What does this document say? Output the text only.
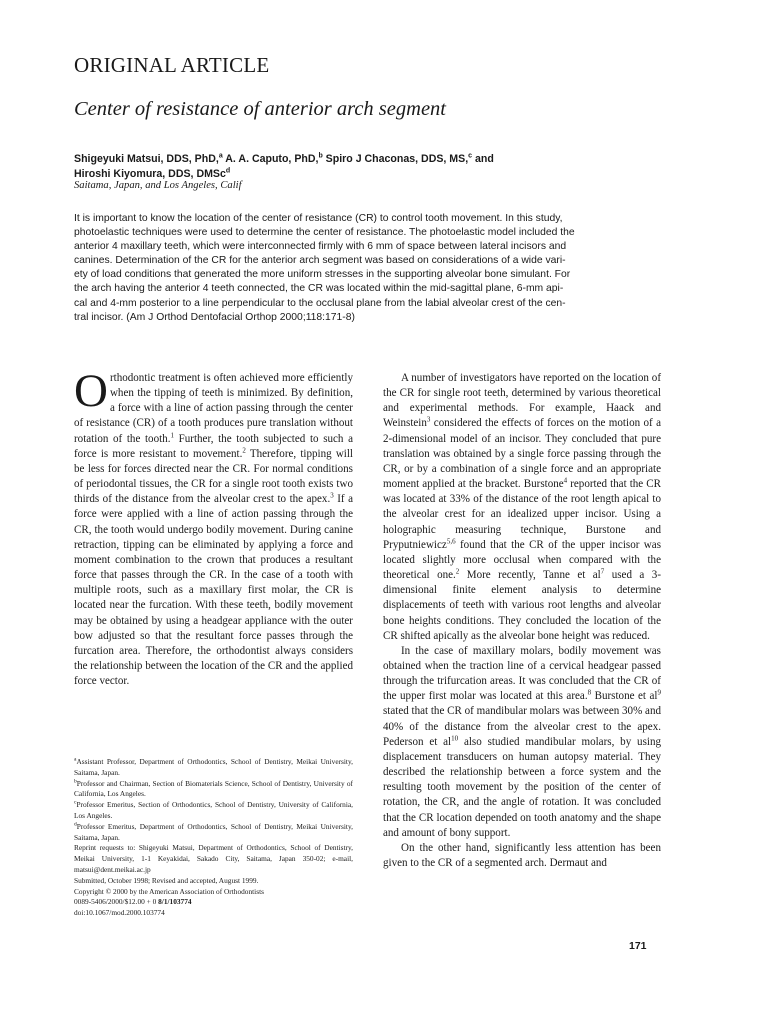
ORIGINAL ARTICLE
Center of resistance of anterior arch segment
Shigeyuki Matsui, DDS, PhD,$^a$ A. A. Caputo, PhD,$^b$ Spiro J Chaconas, DDS, MS,$^c$ and
Hiroshi Kiyomura, DDS, DMSc$^d$
Saitama, Japan, and Los Angeles, Calif
It is important to know the location of the center of resistance (CR) to control tooth movement. In this study,
photoelastic techniques were used to determine the center of resistance. The photoelastic model included the
anterior 4 maxillary teeth, which were interconnected firmly with 6 mm of space between lateral incisors and
canines. Determination of the CR for the anterior arch segment was based on considerations of a wide vari-
ety of load conditions that generated the more uniform stresses in the supporting alveolar bone simulant. For
the arch having the anterior 4 teeth connected, the CR was located within the mid-sagittal plane, 6-mm api-
cal and 4-mm posterior to a line perpendicular to the occlusal plane from the labial alveolar crest of the cen-
tral incisor. (Am J Orthod Dentofacial Orthop 2000;118:171-8)

Orthodontic treatment is often achieved more efficiently when the tipping of teeth is minimized. By definition, a force with a line of action passing through the center of resistance (CR) of a tooth produces pure translation without rotation of the tooth.$^1$ Further, the tooth subjected to such a force is more resistant to movement.$^2$ Therefore, tipping will be less for forces directed near the CR. For normal conditions of periodontal tissues, the CR for a single root tooth exists two thirds of the distance from the alveolar crest to the apex.$^3$ If a force were applied with a line of action passing through the CR, the tooth would undergo bodily movement. During canine retraction, tipping can be eliminated by applying a force and moment combination to the crown that produces a resultant force that passes through the CR. In the case of a tooth with multiple roots, such as a maxillary first molar, the CR is located near the furcation. With these teeth, bodily movement may be obtained by using a headgear appliance with the outer bow adjusted so that the resultant force passes through the furcation area. Therefore, the orthodontist always considers the relationship between the location of the CR and the applied force vector.

A number of investigators have reported on the location of the CR for single root teeth, determined by various theoretical and experimental methods. For example, Haack and Weinstein$^3$ considered the effects of forces on the motion of a 2-dimensional model of an incisor. They concluded that pure translation was obtained by a single force passing through the CR, or by a combination of a single force and an appropriate moment applied at the bracket. Burstone$^4$ reported that the CR was located at 33% of the distance of the root length apical to the alveolar crest for an idealized upper incisor. Using a holographic measuring technique, Burstone and Pryputniewicz$^{5,6}$ found that the CR of the upper incisor was located slightly more occlusal when compared with the theoretical one.$^2$ More recently, Tanne et $al^7$ used a 3-dimensional finite element analysis to determine displacements of teeth with various root lengths and alveolar bone heights conditions. They concluded the location of the CR shifted apically as the alveolar bone height was reduced.

In the case of maxillary molars, bodily movement was obtained when the traction line of a cervical headgear passed through the trifurcation areas. It was concluded that the CR of the upper first molar was located at this area.$^8$ Burstone et $al^9$ stated that the CR of mandibular molars was between 30% and 40% of the distance from the alveolar crest to the apex. Pederson et $al^{10}$ also studied mandibular molars, by using displacement transducers on human autopsy material. They described the relationship between a force system and the resulting tooth movement by the position of the center of rotation, the CR, and the angle of rotation. It was concluded that the CR location depended on tooth anatomy and the shape and amount of bony support.

On the other hand, significantly less attention has been given to the CR of a segmented arch. Dermaut and

$^a$Assistant Professor, Department of Orthodontics, School of Dentistry, Meikai University, Saitama, Japan.

$^b$Professor and Chairman, Section of Biomaterials Science, School of Dentistry, University of California, Los Angeles.

$^c$Professor Emeritus, Section of Orthodontics, School of Dentistry, University of California, Los Angeles.

$^d$Professor Emeritus, Department of Orthodontics, School of Dentistry, Meikai University, Saitama, Japan.

Reprint requests to: Shigeyuki Matsui, Department of Orthodontics, School of Dentistry, Meikai University, 1-1 Keyakidai, Sakado City, Saitama, Japan 350-02; e-mail, matsui@dent.meikai.ac.jp

Submitted, October 1998; Revised and accepted, August 1999.

Copyright © 2000 by the American Association of Orthodontists

0089-5406/2000/$12.00 + 0 8/1/103774

doi:10.1067/mod.2000.103774

171
